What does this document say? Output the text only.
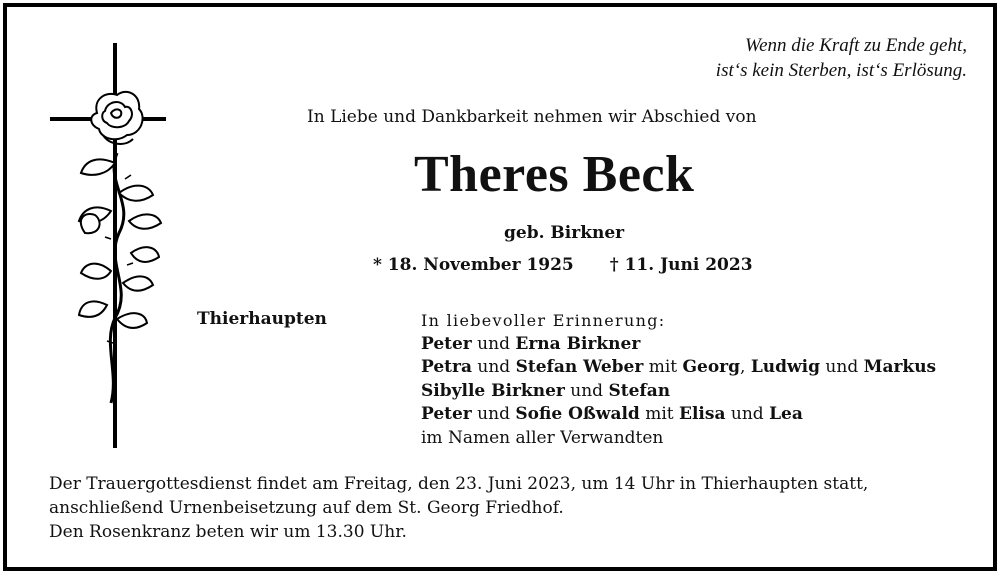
Wenn die Kraft zu Ende geht,
ist‘s kein Sterben, ist‘s Erlösung.
In Liebe und Dankbarkeit nehmen wir Abschied von
Theres Beck
geb. Birkner
* 18. November 1925 † 11. Juni 2023
Thierhaupten	In liebevoller Erinnerung:
Peter und Erna Birkner
Petra und Stefan Weber mit Georg, Ludwig und Markus
Sibylle Birkner und Stefan
Peter und Sofie Oßwald mit Elisa und Lea
im Namen aller Verwandten
Der Trauergottesdienst findet am Freitag, den 23. Juni 2023, um 14 Uhr in Thierhaupten statt,
anschließend Urnenbeisetzung auf dem St. Georg Friedhof.
Den Rosenkranz beten wir um 13.30 Uhr.
